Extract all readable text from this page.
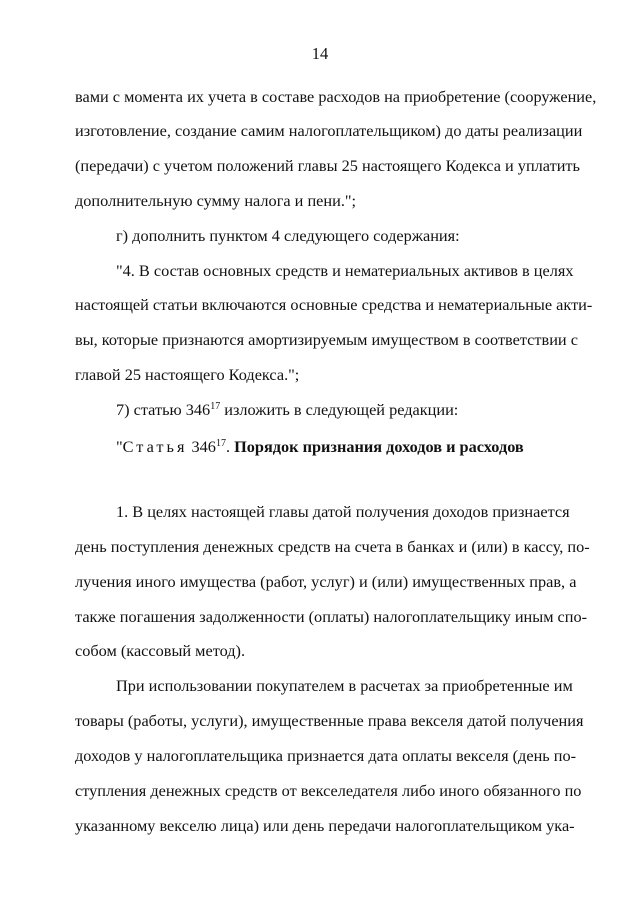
14
вами с момента их учета в составе расходов на приобретение (сооружение,
изготовление, создание самим налогоплательщиком) до даты реализации
(передачи) с учетом положений главы 25 настоящего Кодекса и уплатить
дополнительную сумму налога и пени.";
г) дополнить пунктом 4 следующего содержания:
"4. В состав основных средств и нематериальных активов в целях
настоящей статьи включаются основные средства и нематериальные акти-
вы, которые признаются амортизируемым имуществом в соответствии с
главой 25 настоящего Кодекса.";
7) статью $346^{17}$ изложить в следующей редакции:
"Статья $346^{17}$. Порядок признания доходов и расходов
1. В целях настоящей главы датой получения доходов признается
день поступления денежных средств на счета в банках и (или) в кассу, по-
лучения иного имущества (работ, услуг) и (или) имущественных прав, а
также погашения задолженности (оплаты) налогоплательщику иным спо-
собом (кассовый метод).
При использовании покупателем в расчетах за приобретенные им
товары (работы, услуги), имущественные права векселя датой получения
доходов у налогоплательщика признается дата оплаты векселя (день по-
ступления денежных средств от векселедателя либо иного обязанного по
указанному векселю лица) или день передачи налогоплательщиком ука-
